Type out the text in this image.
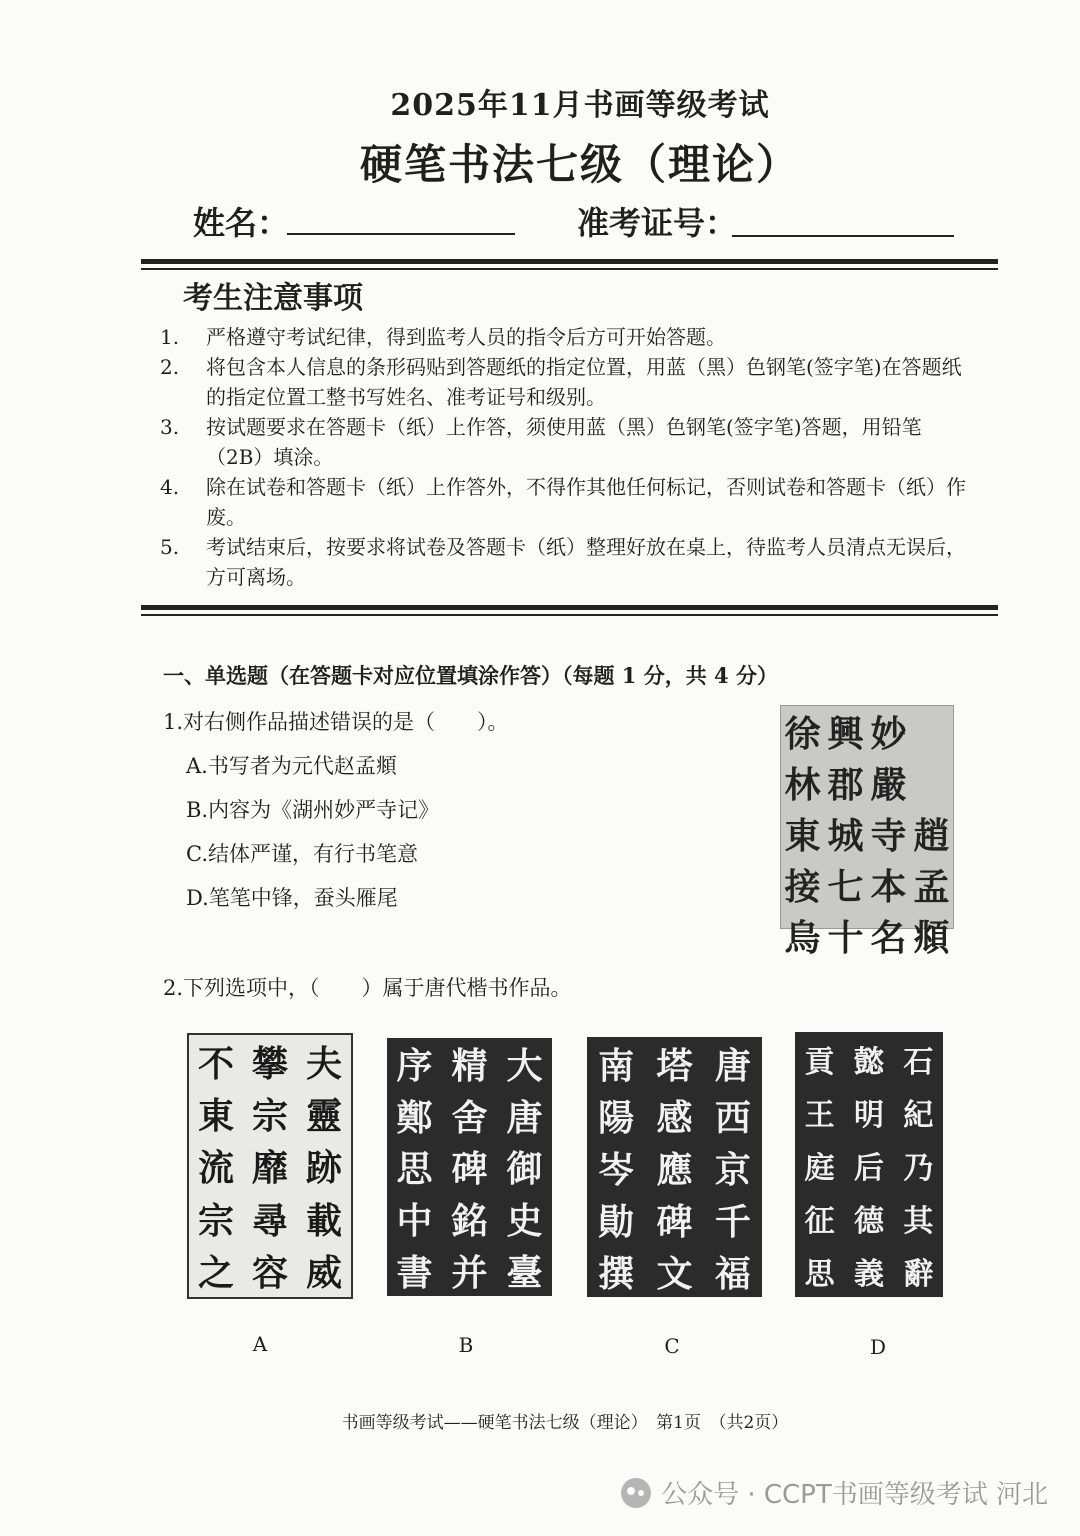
2025年11月书画等级考试
硬笔书法七级（理论）
姓名：	准考证号：
考生注意事项
1.	严格遵守考试纪律，得到监考人员的指令后方可开始答题。
2.	将包含本人信息的条形码贴到答题纸的指定位置，用蓝（黑）色钢笔(签字笔)在答题纸的指定位置工整书写姓名、准考证号和级别。
3.	按试题要求在答题卡（纸）上作答，须使用蓝（黑）色钢笔(签字笔)答题，用铅笔（2B）填涂。
4.	除在试卷和答题卡（纸）上作答外，不得作其他任何标记，否则试卷和答题卡（纸）作废。
5.	考试结束后，按要求将试卷及答题卡（纸）整理好放在桌上，待监考人员清点无误后，方可离场。
一、单选题（在答题卡对应位置填涂作答）（每题 1 分，共 4 分）
1.对右侧作品描述错误的是（　　）。
A.书写者为元代赵孟頫
B.内容为《湖州妙严寺记》
C.结体严谨，有行书笔意
D.笔笔中锋，蚕头雁尾
徐 興 妙
林 郡 嚴
東 城 寺 趙
接 七 本 孟
烏 十 名 頫
2.下列选项中，（　　）属于唐代楷书作品。
不 攀 夫
東 宗 靈
流 靡 跡
宗 尋 載
之 容 威
序 精 大
鄭 舍 唐
思 碑 御
中 銘 史
書 并 臺
南 塔 唐
陽 感 西
岑 應 京
勛 碑 千
撰 文 福
貢 懿 石
王 明 紀
庭 后 乃
征 德 其
思 義 辭
A	B	C	D
书画等级考试——硬笔书法七级（理论）　第1页　（共2页）
公众号 · CCPT书画等级考试 河北
